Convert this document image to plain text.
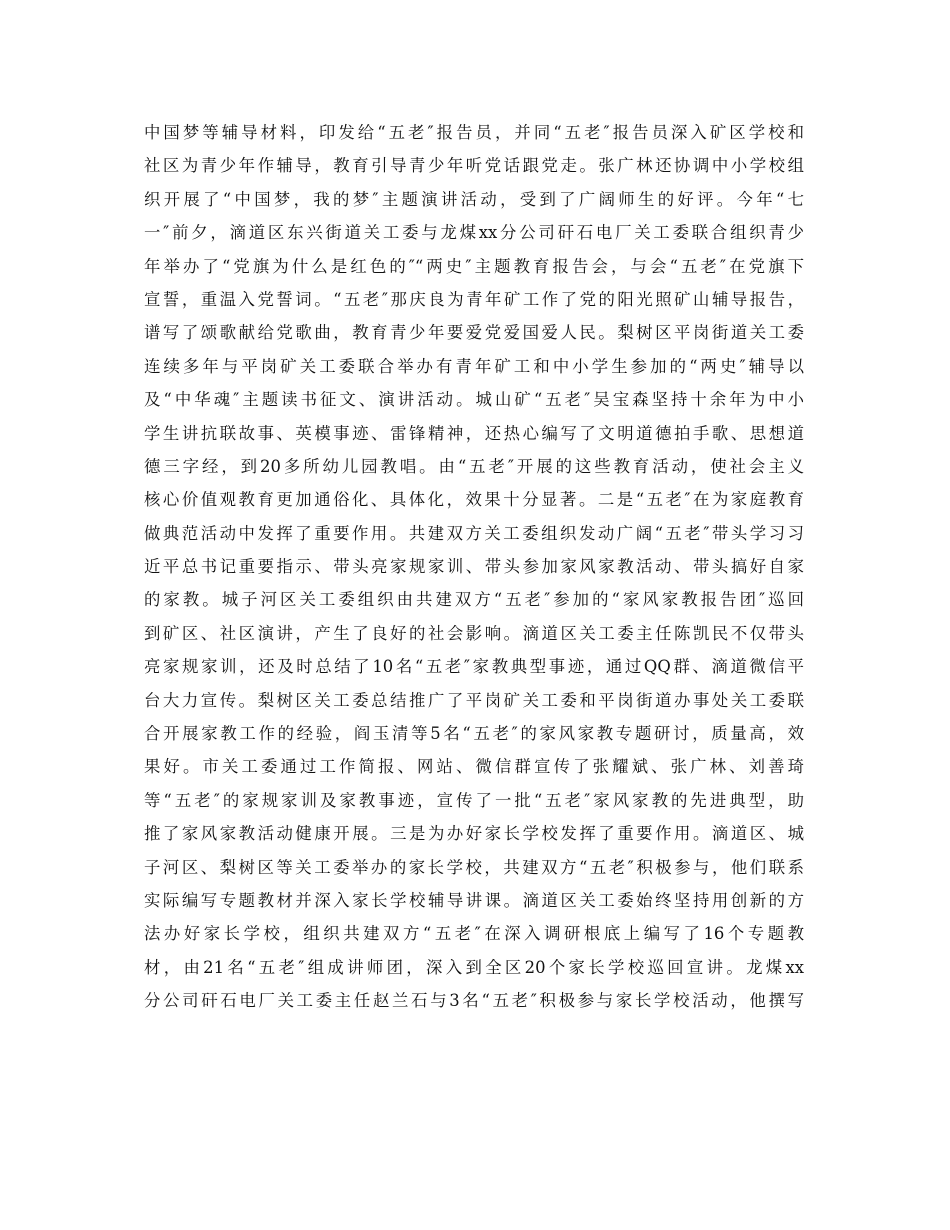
中国梦等辅导材料，印发给“五老″报告员，并同“五老″报告员深入矿区学校和
社区为青少年作辅导，教育引导青少年听党话跟党走。张广林还协调中小学校组
织开展了“中国梦，我的梦″主题演讲活动，受到了广阔师生的好评。今年“七
一″前夕，滴道区东兴街道关工委与龙煤xx分公司矸石电厂关工委联合组织青少
年举办了“党旗为什么是红色的″“两史″主题教育报告会，与会“五老″在党旗下
宣誓，重温入党誓词。“五老″那庆良为青年矿工作了党的阳光照矿山辅导报告，
谱写了颂歌献给党歌曲，教育青少年要爱党爱国爱人民。梨树区平岗街道关工委
连续多年与平岗矿关工委联合举办有青年矿工和中小学生参加的“两史″辅导以
及“中华魂″主题读书征文、演讲活动。城山矿“五老″吴宝森坚持十余年为中小
学生讲抗联故事、英模事迹、雷锋精神，还热心编写了文明道德拍手歌、思想道
德三字经，到20多所幼儿园教唱。由“五老″开展的这些教育活动，使社会主义
核心价值观教育更加通俗化、具体化，效果十分显著。二是“五老″在为家庭教育
做典范活动中发挥了重要作用。共建双方关工委组织发动广阔“五老″带头学习习
近平总书记重要指示、带头亮家规家训、带头参加家风家教活动、带头搞好自家
的家教。城子河区关工委组织由共建双方“五老″参加的“家风家教报告团″巡回
到矿区、社区演讲，产生了良好的社会影响。滴道区关工委主任陈凯民不仅带头
亮家规家训，还及时总结了10名“五老″家教典型事迹，通过QQ群、滴道微信平
台大力宣传。梨树区关工委总结推广了平岗矿关工委和平岗街道办事处关工委联
合开展家教工作的经验，阎玉清等5名“五老″的家风家教专题研讨，质量高，效
果好。市关工委通过工作简报、网站、微信群宣传了张耀斌、张广林、刘善琦
等“五老″的家规家训及家教事迹，宣传了一批“五老″家风家教的先进典型，助
推了家风家教活动健康开展。三是为办好家长学校发挥了重要作用。滴道区、城
子河区、梨树区等关工委举办的家长学校，共建双方“五老″积极参与，他们联系
实际编写专题教材并深入家长学校辅导讲课。滴道区关工委始终坚持用创新的方
法办好家长学校，组织共建双方“五老″在深入调研根底上编写了16个专题教
材，由21名“五老″组成讲师团，深入到全区20个家长学校巡回宣讲。龙煤xx
分公司矸石电厂关工委主任赵兰石与3名“五老″积极参与家长学校活动，他撰写
